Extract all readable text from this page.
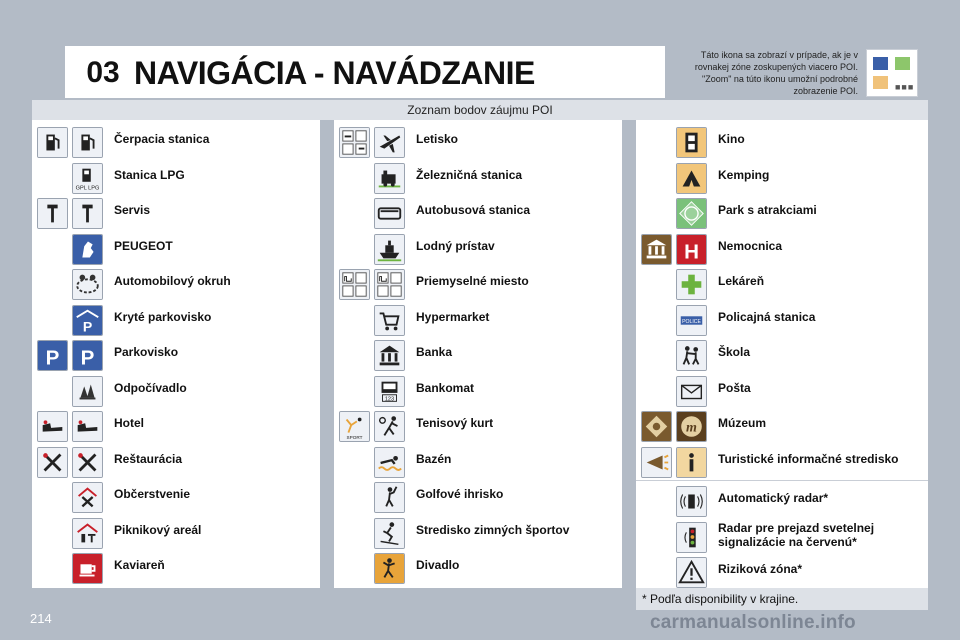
03 NAVIGÁCIA - NAVÁDZANIE	Táto ikona sa zobrazí v prípade, ak je v
rovnakej zóne zoskupených viacero POI.
"Zoom" na túto ikonu umožní podrobné
zobrazenie POI.	■■■
Zoznam bodov záujmu POI
Čerpacia stanica
GPL LPG
Stanica LPG
Servis
PEUGEOT
Automobilový okruh
P
Kryté parkovisko
P P Parkovisko
Odpočívadlo
Hotel
Reštaurácia
Občerstvenie
Piknikový areál
Kaviareň
Letisko
Železničná stanica
Autobusová stanica
Lodný prístav
Priemyselné miesto
Hypermarket
Banka
123
Bankomat
SPORT
Tenisový kurt
Bazén
Golfové ihrisko
Stredisko zimných športov
Divadlo
Kino
Kemping
Park s atrakciami
H Nemocnica
Lekáreň
POLICE Policajná stanica
Škola
Pošta
m Múzeum
Turistické informačné stredisko
Automatický radar*
Radar pre prejazd svetelnej
signalizácie na červenú*
Riziková zóna*
* Podľa disponibility v krajine.
214	carmanualsonline.info
